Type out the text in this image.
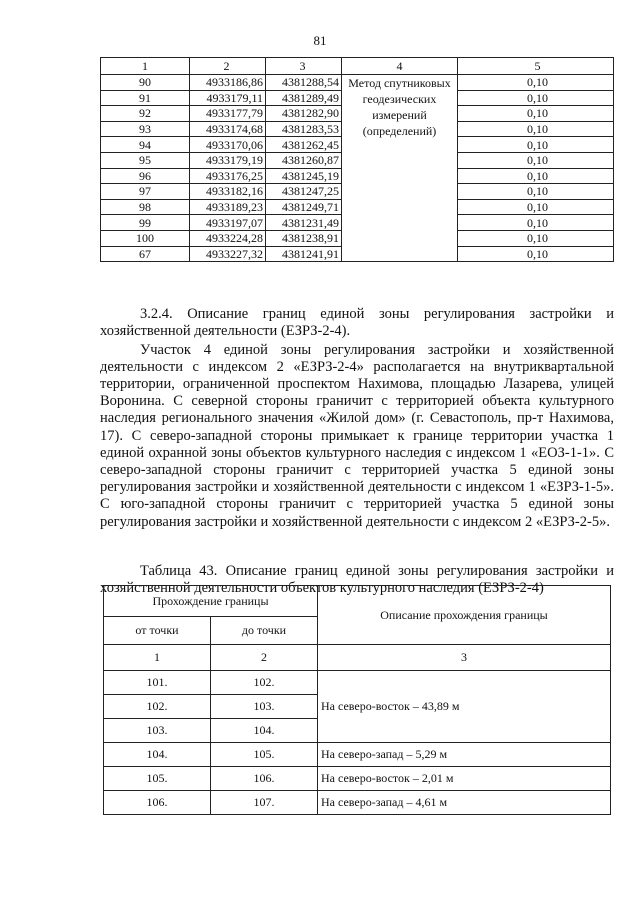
81
1	2	3	4	5
90	4933186,86	4381288,54	Метод спутниковых геодезических измерений (определений)	0,10
91	4933179,11	4381289,49		0,10
92	4933177,79	4381282,90		0,10
93	4933174,68	4381283,53		0,10
94	4933170,06	4381262,45		0,10
95	4933179,19	4381260,87		0,10
96	4933176,25	4381245,19		0,10
97	4933182,16	4381247,25		0,10
98	4933189,23	4381249,71		0,10
99	4933197,07	4381231,49		0,10
100	4933224,28	4381238,91		0,10
67	4933227,32	4381241,91		0,10

3.2.4. Описание границ единой зоны регулирования застройки и хозяйственной деятельности (ЕЗРЗ-2-4).

Участок 4 единой зоны регулирования застройки и хозяйственной деятельности с индексом 2 «ЕЗРЗ-2-4» располагается на внутриквартальной территории, ограниченной проспектом Нахимова, площадью Лазарева, улицей Воронина. С северной стороны граничит с территорией объекта культурного наследия регионального значения «Жилой дом» (г. Севастополь, пр-т Нахимова, 17). С северо-западной стороны примыкает к границе территории участка 1 единой охранной зоны объектов культурного наследия с индексом 1 «ЕОЗ-1-1». С северо-западной стороны граничит с территорией участка 5 единой зоны регулирования застройки и хозяйственной деятельности с индексом 1 «ЕЗРЗ-1-5». С юго-западной стороны граничит с территорией участка 5 единой зоны регулирования застройки и хозяйственной деятельности с индексом 2 «ЕЗРЗ-2-5».

Таблица 43. Описание границ единой зоны регулирования застройки и хозяйственной деятельности объектов культурного наследия (ЕЗРЗ-2-4)

Прохождение границы		Описание прохождения границы
от точки	до точки	
1	2	3
101.	102.	На северо-восток – 43,89 м
102.	103.	
103.	104.	
104.	105.	На северо-запад – 5,29 м
105.	106.	На северо-восток – 2,01 м
106.	107.	На северо-запад – 4,61 м
